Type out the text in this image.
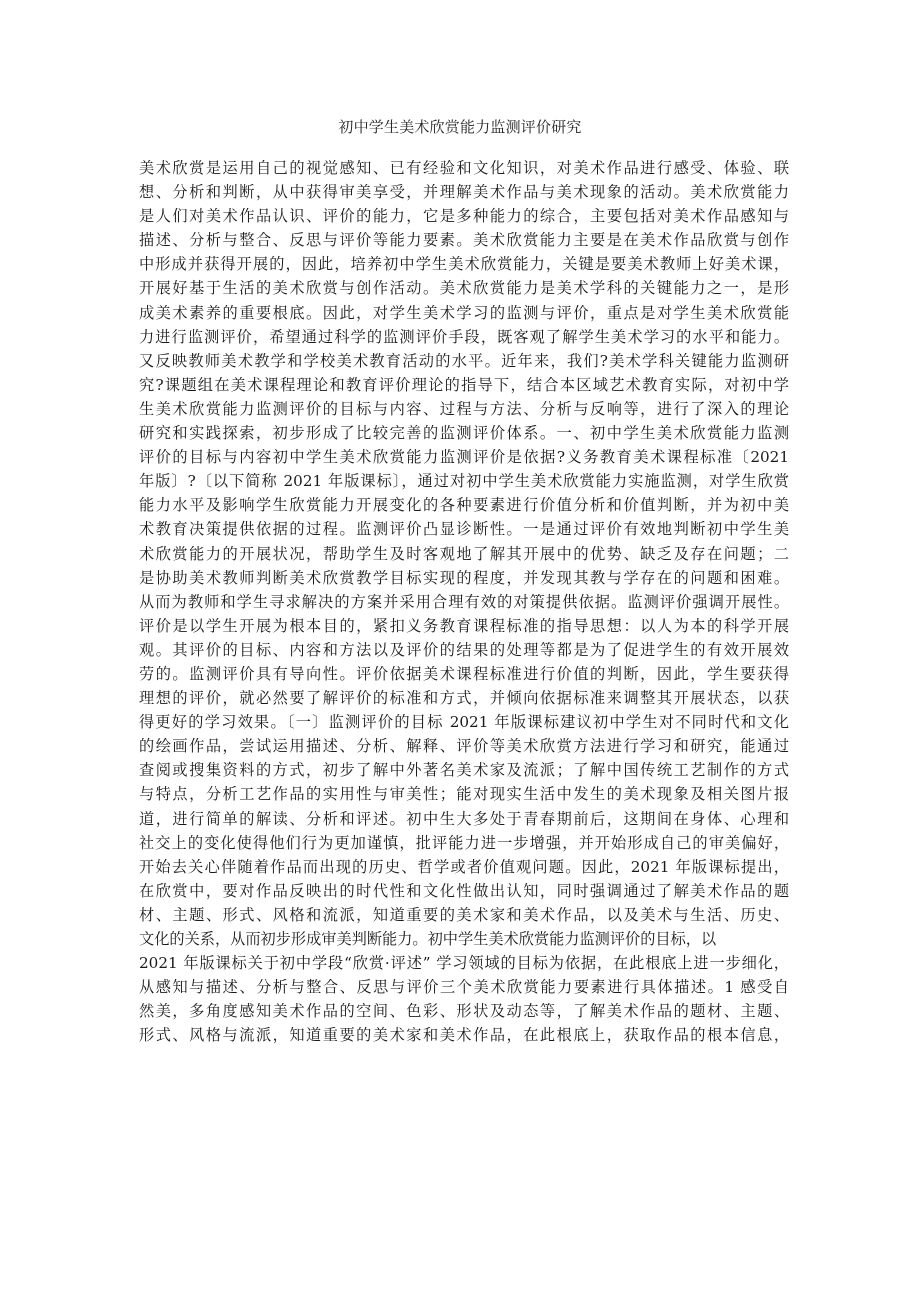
初中学生美术欣赏能力监测评价研究
美术欣赏是运用自己的视觉感知、已有经验和文化知识，对美术作品进行感受、体验、联
想、分析和判断，从中获得审美享受，并理解美术作品与美术现象的活动。美术欣赏能力
是人们对美术作品认识、评价的能力，它是多种能力的综合，主要包括对美术作品感知与
描述、分析与整合、反思与评价等能力要素。美术欣赏能力主要是在美术作品欣赏与创作
中形成并获得开展的，因此，培养初中学生美术欣赏能力，关键是要美术教师上好美术课，
开展好基于生活的美术欣赏与创作活动。美术欣赏能力是美术学科的关键能力之一，是形
成美术素养的重要根底。因此，对学生美术学习的监测与评价，重点是对学生美术欣赏能
力进行监测评价，希望通过科学的监测评价手段，既客观了解学生美术学习的水平和能力。
又反映教师美术教学和学校美术教育活动的水平。近年来，我们?美术学科关键能力监测研
究?课题组在美术课程理论和教育评价理论的指导下，结合本区域艺术教育实际，对初中学
生美术欣赏能力监测评价的目标与内容、过程与方法、分析与反响等，进行了深入的理论
研究和实践探索，初步形成了比较完善的监测评价体系。一、初中学生美术欣赏能力监测
评价的目标与内容初中学生美术欣赏能力监测评价是依据?义务教育美术课程标准〔2021
年版〕?〔以下简称 2021 年版课标〕，通过对初中学生美术欣赏能力实施监测，对学生欣赏
能力水平及影响学生欣赏能力开展变化的各种要素进行价值分析和价值判断，并为初中美
术教育决策提供依据的过程。监测评价凸显诊断性。一是通过评价有效地判断初中学生美
术欣赏能力的开展状况，帮助学生及时客观地了解其开展中的优势、缺乏及存在问题；二
是协助美术教师判断美术欣赏教学目标实现的程度，并发现其教与学存在的问题和困难。
从而为教师和学生寻求解决的方案并采用合理有效的对策提供依据。监测评价强调开展性。
评价是以学生开展为根本目的，紧扣义务教育课程标准的指导思想：以人为本的科学开展
观。其评价的目标、内容和方法以及评价的结果的处理等都是为了促进学生的有效开展效
劳的。监测评价具有导向性。评价依据美术课程标准进行价值的判断，因此，学生要获得
理想的评价，就必然要了解评价的标准和方式，并倾向依据标准来调整其开展状态，以获
得更好的学习效果。〔一〕监测评价的目标 2021 年版课标建议初中学生对不同时代和文化
的绘画作品，尝试运用描述、分析、解释、评价等美术欣赏方法进行学习和研究，能通过
查阅或搜集资料的方式，初步了解中外著名美术家及流派；了解中国传统工艺制作的方式
与特点，分析工艺作品的实用性与审美性；能对现实生活中发生的美术现象及相关图片报
道，进行简单的解读、分析和评述。初中生大多处于青春期前后，这期间在身体、心理和
社交上的变化使得他们行为更加谨慎，批评能力进一步增强，并开始形成自己的审美偏好，
开始去关心伴随着作品而出现的历史、哲学或者价值观问题。因此，2021 年版课标提出，
在欣赏中，要对作品反映出的时代性和文化性做出认知，同时强调通过了解美术作品的题
材、主题、形式、风格和流派，知道重要的美术家和美术作品，以及美术与生活、历史、
文化的关系，从而初步形成审美判断能力。初中学生美术欣赏能力监测评价的目标，以
2021 年版课标关于初中学段“欣赏·评述” 学习领域的目标为依据，在此根底上进一步细化，
从感知与描述、分析与整合、反思与评价三个美术欣赏能力要素进行具体描述。1 感受自
然美，多角度感知美术作品的空间、色彩、形状及动态等，了解美术作品的题材、主题、
形式、风格与流派，知道重要的美术家和美术作品，在此根底上，获取作品的根本信息，
